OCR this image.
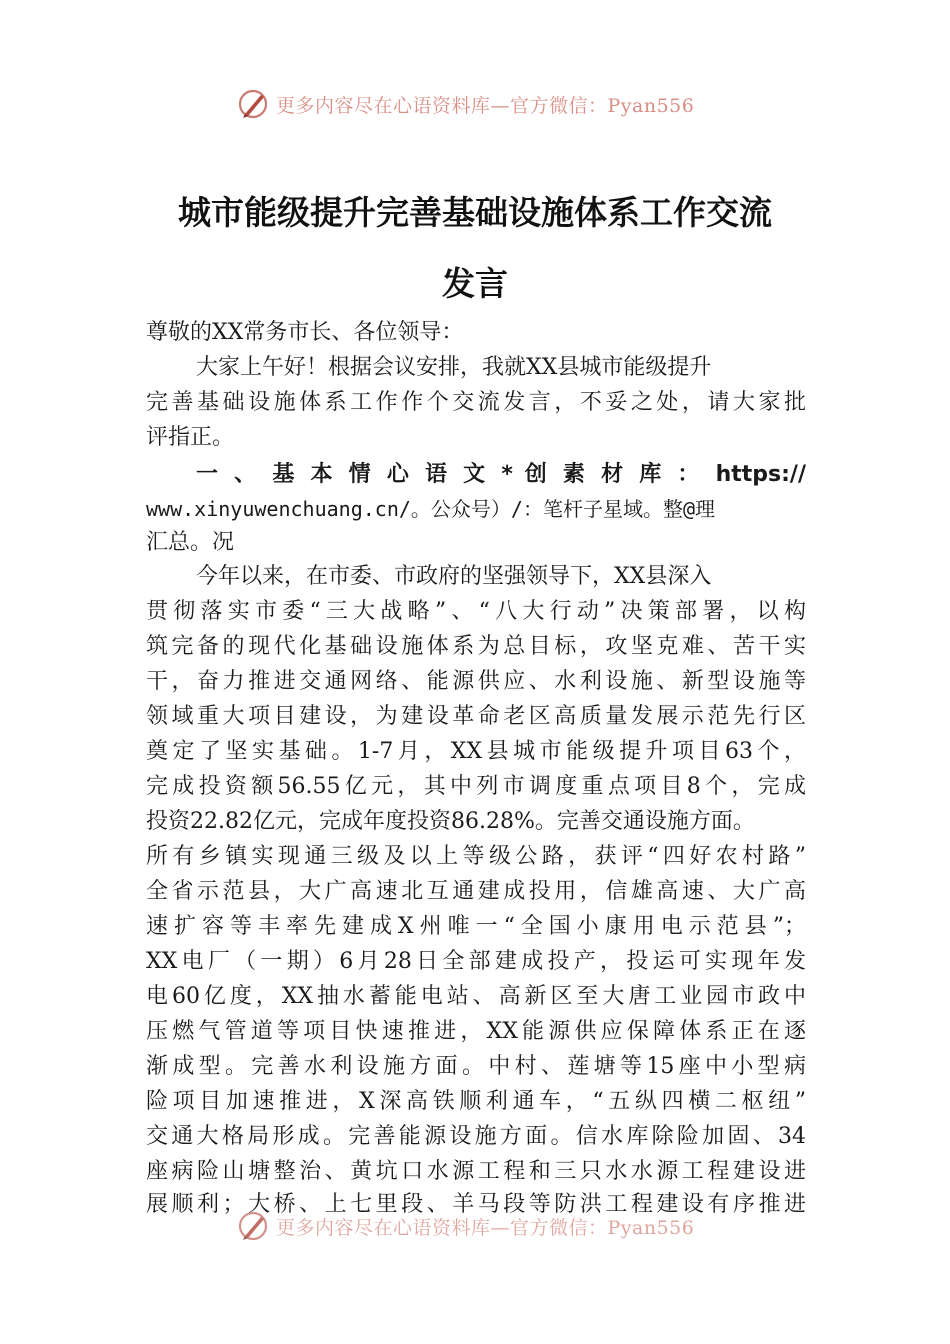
更多内容尽在心语资料库—官方微信：Pyan556
城市能级提升完善基础设施体系工作交流
发言
尊敬的XX常务市长、各位领导：
大家上午好！根据会议安排，我就XX县城市能级提升
完善基础设施体系工作作个交流发言，不妥之处，请大家批
评指正。
一 、 基 本 情 心 语 文 * 创 素 材 库 ： https://
www.xinyuwenchuang.cn/。公众号）/：笔杆子星域。整@理
汇总。况
今年以来，在市委、市政府的坚强领导下，XX县深入
贯彻落实市委“三大战略”、“八大行动”决策部署，以构
筑完备的现代化基础设施体系为总目标，攻坚克难、苦干实
干，奋力推进交通网络、能源供应、水利设施、新型设施等
领域重大项目建设，为建设革命老区高质量发展示范先行区
奠定了坚实基础。1-7月，XX县城市能级提升项目63个，
完成投资额56.55亿元，其中列市调度重点项目8个，完成
投资22.82亿元，完成年度投资86.28%。完善交通设施方面。
所有乡镇实现通三级及以上等级公路，获评“四好农村路”
全省示范县，大广高速北互通建成投用，信雄高速、大广高
速扩容等丰率先建成X州唯一“全国小康用电示范县”；
XX电厂（一期）6月28日全部建成投产，投运可实现年发
电60亿度，XX抽水蓄能电站、高新区至大唐工业园市政中
压燃气管道等项目快速推进，XX能源供应保障体系正在逐
渐成型。完善水利设施方面。中村、莲塘等15座中小型病
险项目加速推进，X深高铁顺利通车，“五纵四横二枢纽”
交通大格局形成。完善能源设施方面。信水库除险加固、34
座病险山塘整治、黄坑口水源工程和三只水水源工程建设进
展顺利；大桥、上七里段、羊马段等防洪工程建设有序推进
更多内容尽在心语资料库—官方微信：Pyan556
